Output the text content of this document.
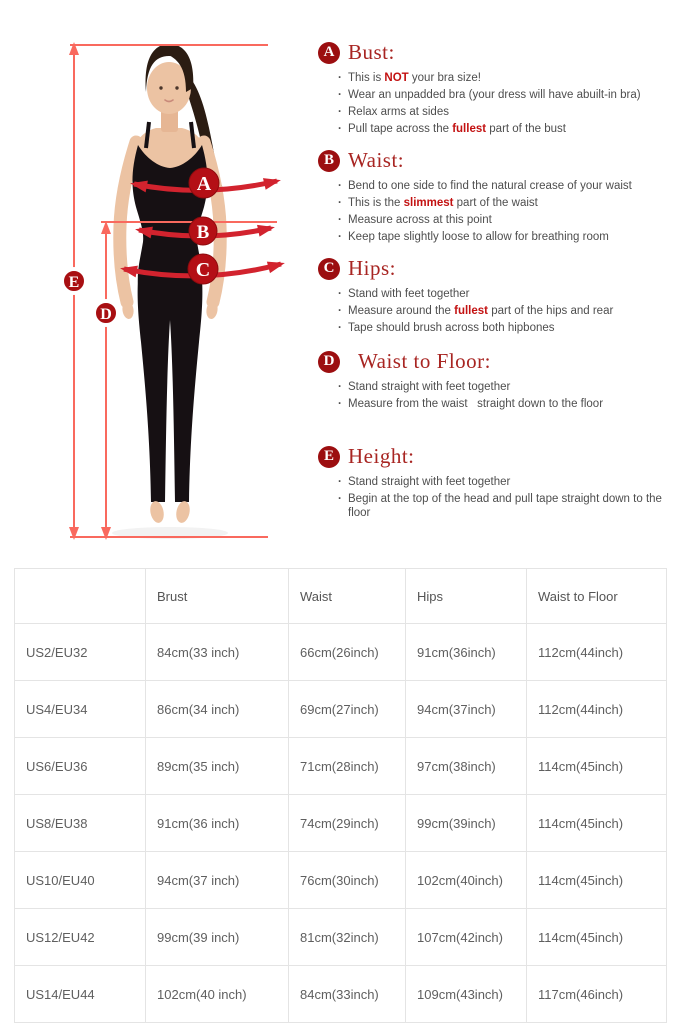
A
B
C
D
E
A Bust:
· This is NOT your bra size!
· Wear an unpadded bra (your dress will have abuilt-in bra)
· Relax arms at sides
· Pull tape across the fullest part of the bust
B Waist:
· Bend to one side to find the natural crease of your waist
· This is the slimmest part of the waist
· Measure across at this point
· Keep tape slightly loose to allow for breathing room
C Hips:
· Stand with feet together
· Measure around the fullest part of the hips and rear
· Tape should brush across both hipbones
D Waist to Floor:
· Stand straight with feet together
· Measure from the waist   straight down to the floor
E Height:
· Stand straight with feet together
· Begin at the top of the head and pull tape straight down to the floor
	Brust	Waist	Hips	Waist to Floor
US2/EU32	84cm(33 inch)	66cm(26inch)	91cm(36inch)	112cm(44inch)
US4/EU34	86cm(34 inch)	69cm(27inch)	94cm(37inch)	112cm(44inch)
US6/EU36	89cm(35 inch)	71cm(28inch)	97cm(38inch)	114cm(45inch)
US8/EU38	91cm(36 inch)	74cm(29inch)	99cm(39inch)	114cm(45inch)
US10/EU40	94cm(37 inch)	76cm(30inch)	102cm(40inch)	114cm(45inch)
US12/EU42	99cm(39 inch)	81cm(32inch)	107cm(42inch)	114cm(45inch)
US14/EU44	102cm(40 inch)	84cm(33inch)	109cm(43inch)	117cm(46inch)
